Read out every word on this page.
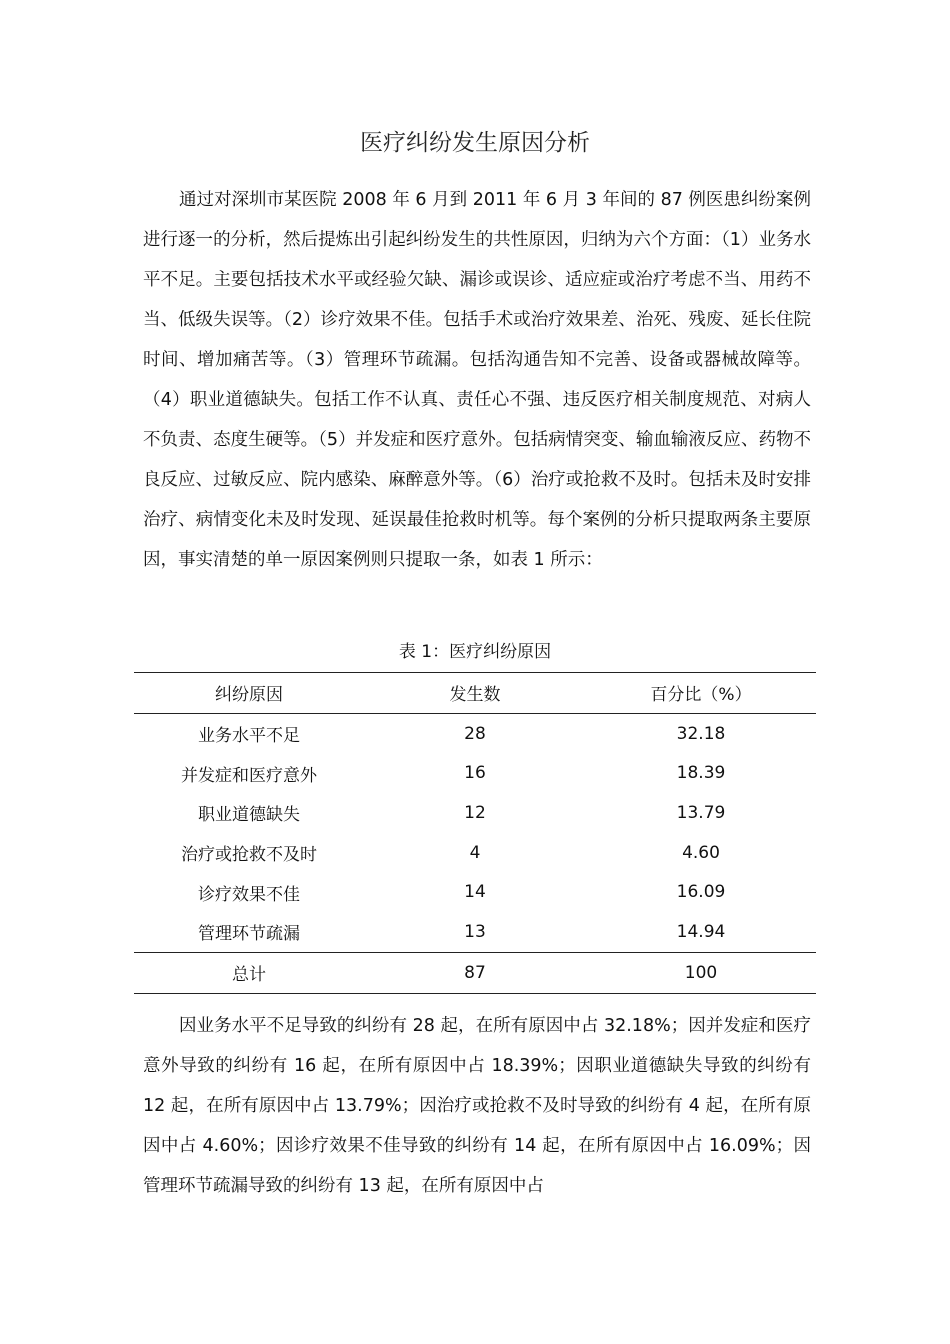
医疗纠纷发生原因分析

通过对深圳市某医院 2008 年 6 月到 2011 年 6 月 3 年间的 87 例医患纠纷案例进行逐一的分析，然后提炼出引起纠纷发生的共性原因，归纳为六个方面：（1）业务水平不足。主要包括技术水平或经验欠缺、漏诊或误诊、适应症或治疗考虑不当、用药不当、低级失误等。（2）诊疗效果不佳。包括手术或治疗效果差、治死、残废、延长住院时间、增加痛苦等。（3）管理环节疏漏。包括沟通告知不完善、设备或器械故障等。（4）职业道德缺失。包括工作不认真、责任心不强、违反医疗相关制度规范、对病人不负责、态度生硬等。（5）并发症和医疗意外。包括病情突变、输血输液反应、药物不良反应、过敏反应、院内感染、麻醉意外等。（6）治疗或抢救不及时。包括未及时安排治疗、病情变化未及时发现、延误最佳抢救时机等。每个案例的分析只提取两条主要原因，事实清楚的单一原因案例则只提取一条，如表 1 所示：

表 1：医疗纠纷原因
纠纷原因	发生数	百分比（%）
业务水平不足	28	32.18
并发症和医疗意外	16	18.39
职业道德缺失	12	13.79
治疗或抢救不及时	4	4.60
诊疗效果不佳	14	16.09
管理环节疏漏	13	14.94
总计	87	100

因业务水平不足导致的纠纷有 28 起，在所有原因中占 32.18%；因并发症和医疗意外导致的纠纷有 16 起，在所有原因中占 18.39%；因职业道德缺失导致的纠纷有 12 起，在所有原因中占 13.79%；因治疗或抢救不及时导致的纠纷有 4 起，在所有原因中占 4.60%；因诊疗效果不佳导致的纠纷有 14 起，在所有原因中占 16.09%；因管理环节疏漏导致的纠纷有 13 起，在所有原因中占
